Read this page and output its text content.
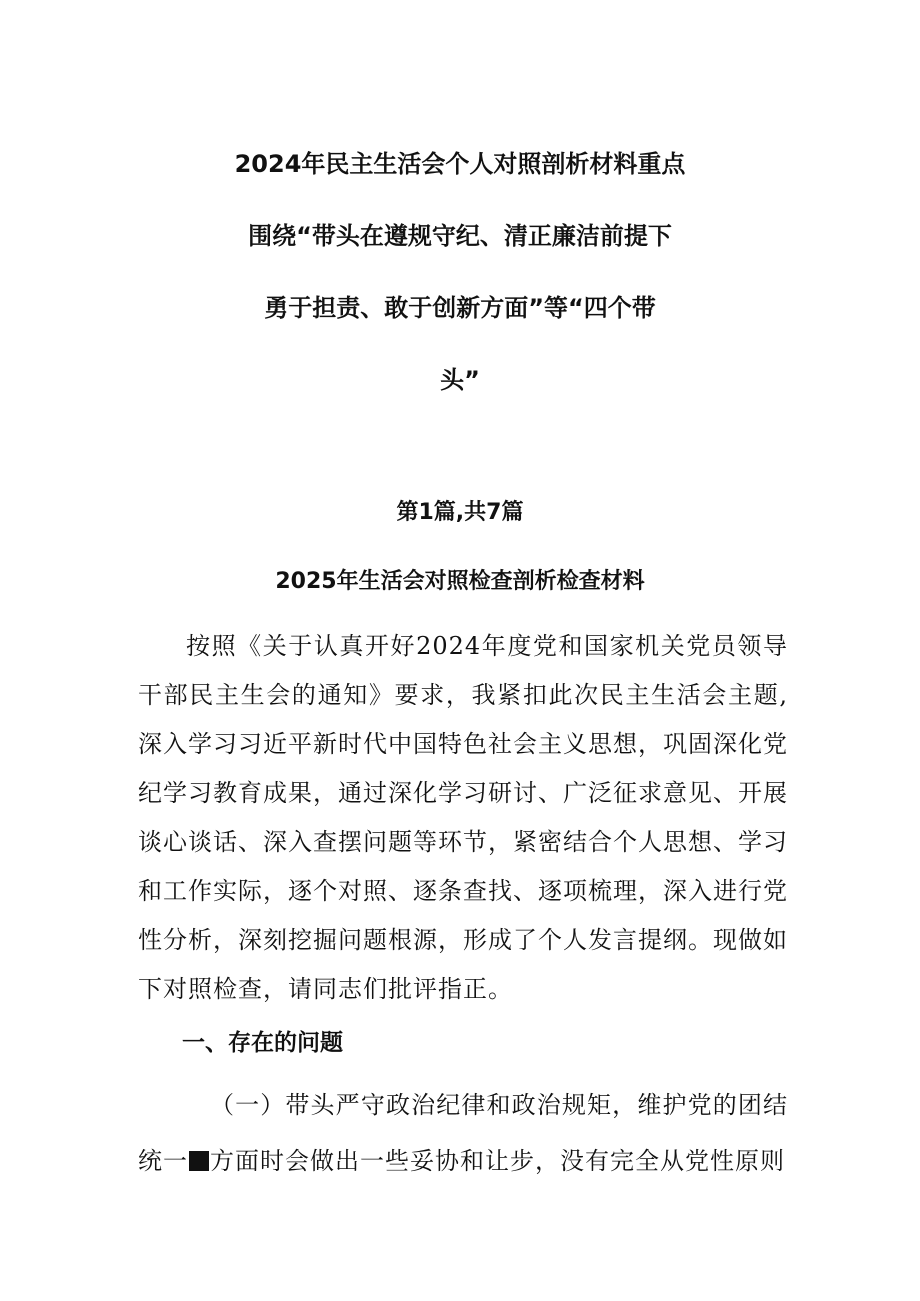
2024年民主生活会个人对照剖析材料重点
围绕“带头在遵规守纪、清正廉洁前提下
勇于担责、敢于创新方面”等“四个带
头”
第1篇,共7篇
2025年生活会对照检查剖析检查材料
按照《关于认真开好2024年度党和国家机关党员领导干部民主生会的通知》要求，我紧扣此次民主生活会主题,深入学习习近平新时代中国特色社会主义思想，巩固深化党纪学习教育成果，通过深化学习研讨、广泛征求意见、开展谈心谈话、深入查摆问题等环节，紧密结合个人思想、学习和工作实际，逐个对照、逐条查找、逐项梳理，深入进行党性分析，深刻挖掘问题根源，形成了个人发言提纲。现做如下对照检查，请同志们批评指正。
一、存在的问题
（一）带头严守政治纪律和政治规矩，维护党的团结统一 方面时会做出一些妥协和让步，没有完全从党性原则
